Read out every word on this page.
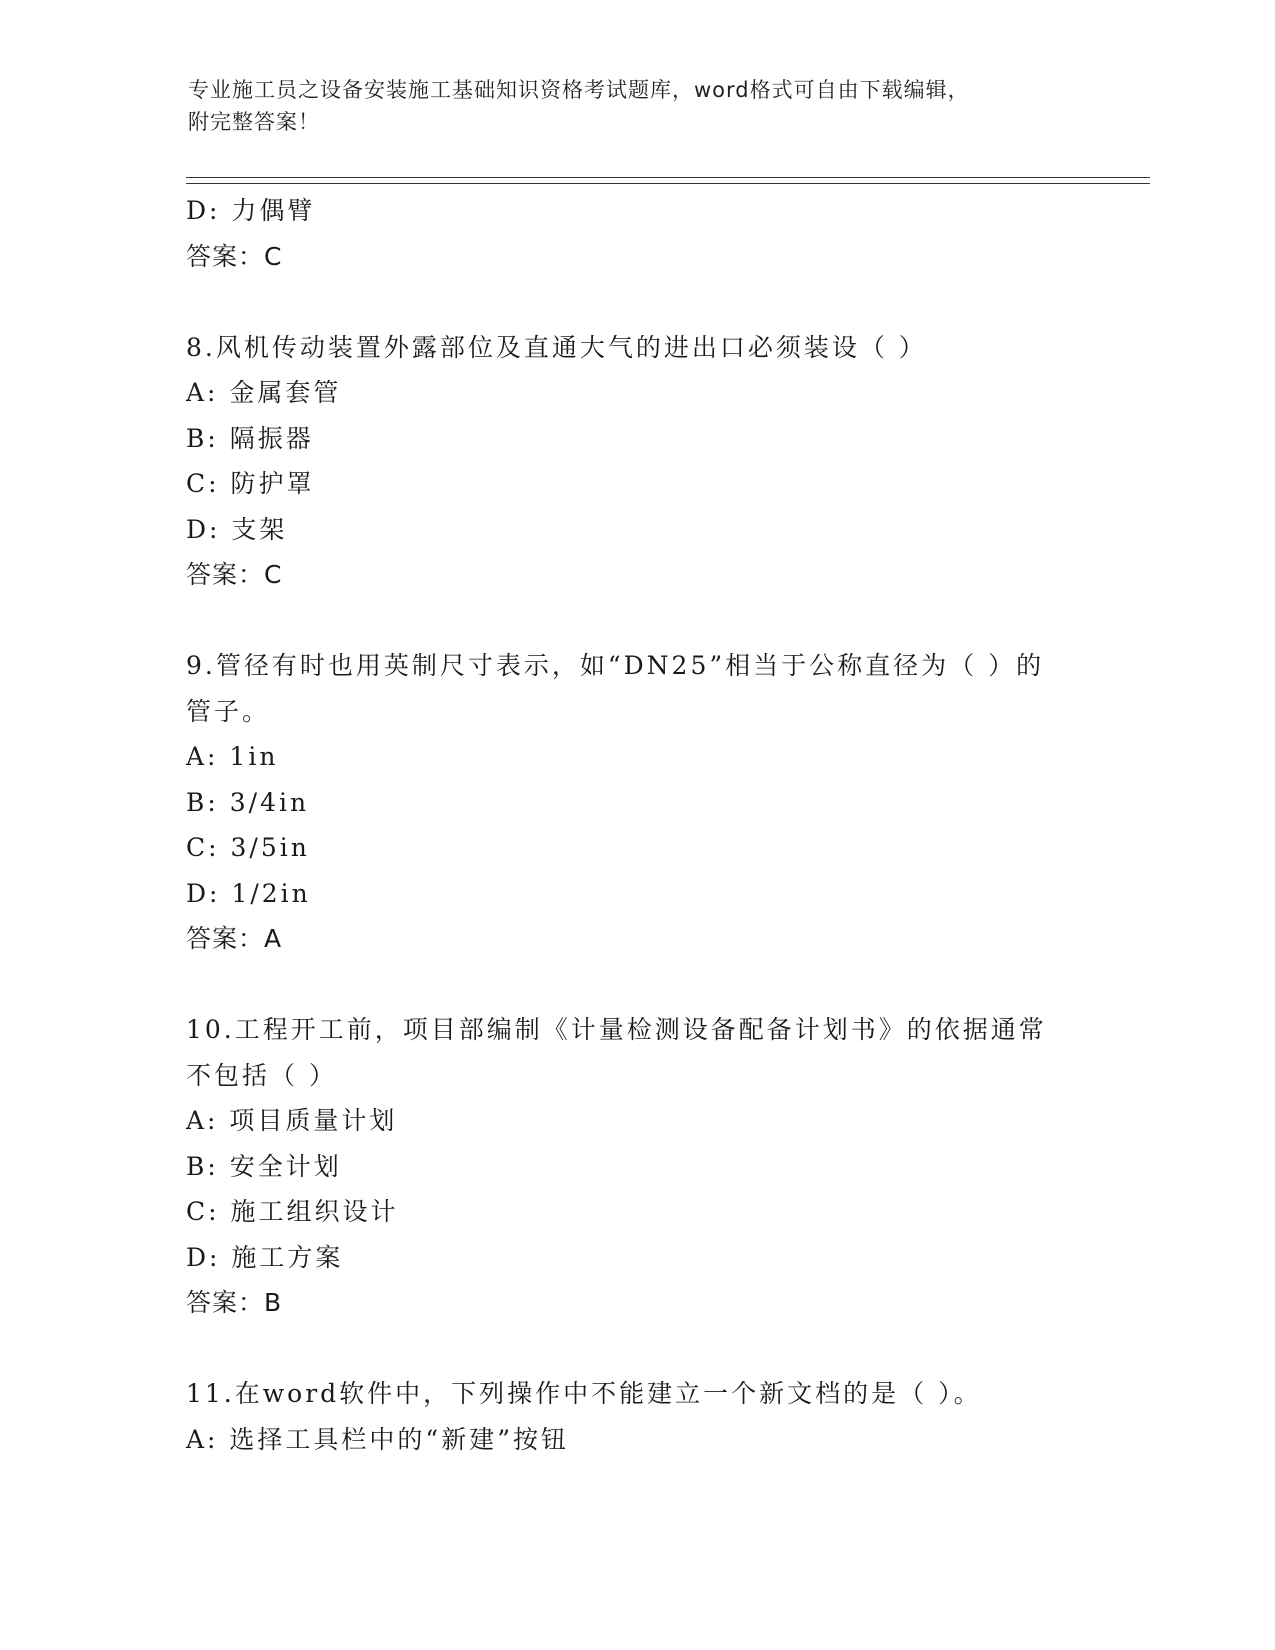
专业施工员之设备安装施工基础知识资格考试题库，word格式可自由下载编辑，
附完整答案！
D: 力偶臂
答案：C
8.风机传动装置外露部位及直通大气的进出口必须装设（ ）
A: 金属套管
B: 隔振器
C: 防护罩
D: 支架
答案：C
9.管径有时也用英制尺寸表示，如“DN25”相当于公称直径为（ ）的
管子。
A: 1in
B: 3/4in
C: 3/5in
D: 1/2in
答案：A
10.工程开工前，项目部编制《计量检测设备配备计划书》的依据通常
不包括（ ）
A: 项目质量计划
B: 安全计划
C: 施工组织设计
D: 施工方案
答案：B
11.在word软件中，下列操作中不能建立一个新文档的是（ ）。
A: 选择工具栏中的“新建”按钮
